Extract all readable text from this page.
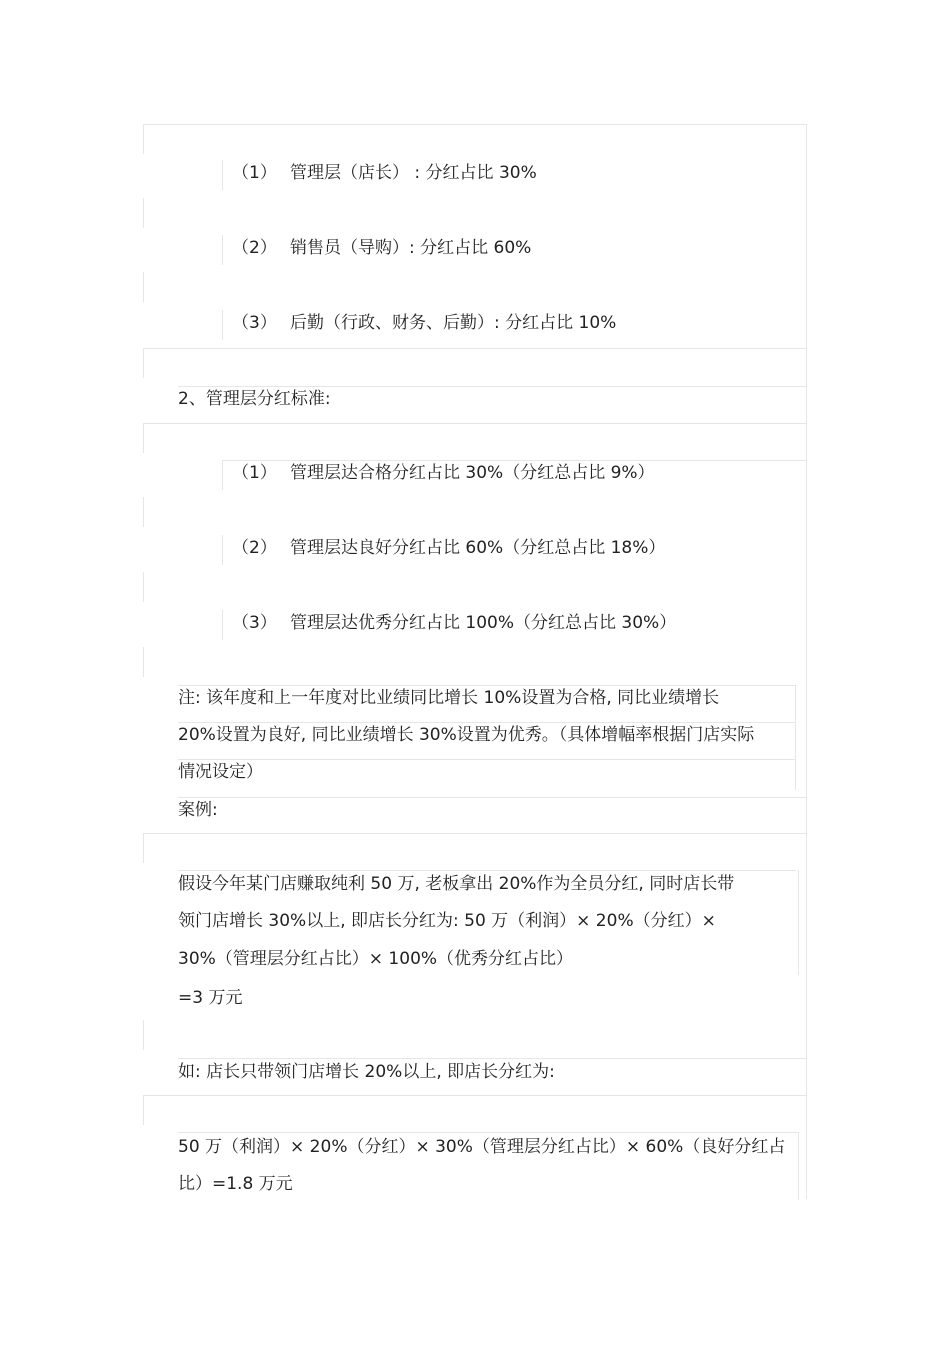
（1） 管理层（店长） : 分红占比 30%
（2） 销售员（导购）: 分红占比 60%
（3） 后勤（行政、财务、后勤）: 分红占比 10%
2、管理层分红标准:
（1） 管理层达合格分红占比 30%（分红总占比 9%）
（2） 管理层达良好分红占比 60%（分红总占比 18%）
（3） 管理层达优秀分红占比 100%（分红总占比 30%）
注: 该年度和上一年度对比业绩同比增长 10%设置为合格, 同比业绩增长
20%设置为良好, 同比业绩增长 30%设置为优秀。（具体增幅率根据门店实际
情况设定）
案例:
假设今年某门店赚取纯利 50 万, 老板拿出 20%作为全员分红, 同时店长带
领门店增长 30%以上, 即店长分红为: 50 万（利润）× 20%（分红）×
30%（管理层分红占比）× 100%（优秀分红占比）
=3 万元
如: 店长只带领门店增长 20%以上, 即店长分红为:
50 万（利润）× 20%（分红）× 30%（管理层分红占比）× 60%（良好分红占
比）=1.8 万元
